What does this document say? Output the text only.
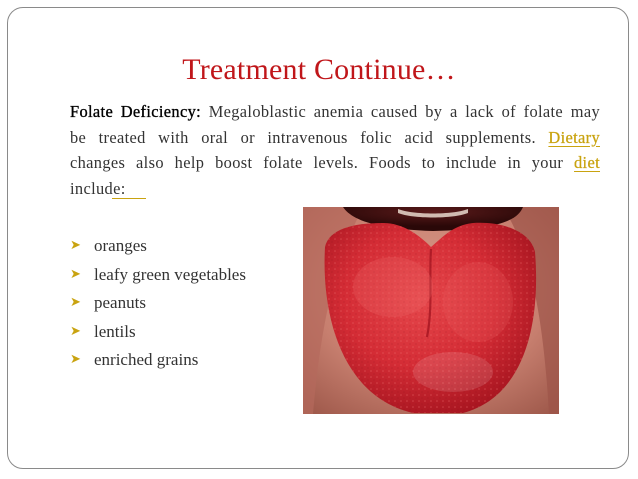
Treatment Continue…
Folate Deficiency: Megaloblastic anemia caused by a lack of folate may be treated with oral or intravenous folic acid supplements. Dietary changes also help boost folate levels. Foods to include in your diet include:
➤ oranges
➤ leafy green vegetables
➤ peanuts
➤ lentils
➤ enriched grains
